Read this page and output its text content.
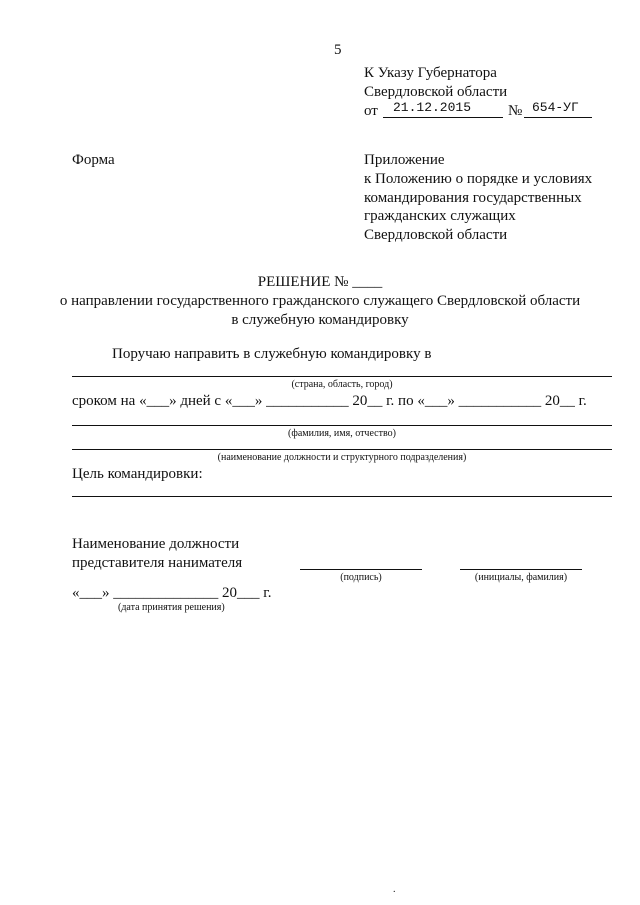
5
К Указу Губернатора
Свердловской области
от 21.12.2015 № 654-УГ
Форма	Приложение
к Положению о порядке и условиях
командирования государственных
гражданских служащих
Свердловской области
РЕШЕНИЕ № ____
о направлении государственного гражданского служащего Свердловской области
в служебную командировку
Поручаю направить в служебную командировку в
(страна, область, город)
сроком на «___» дней с «___» ___________ 20__ г. по «___» ___________ 20__ г.
(фамилия, имя, отчество)
(наименование должности и структурного подразделения)
Цель командировки:
Наименование должности
представителя нанимателя
(подпись)	(инициалы, фамилия)
«___» ______________ 20___ г.
(дата принятия решения)
.
